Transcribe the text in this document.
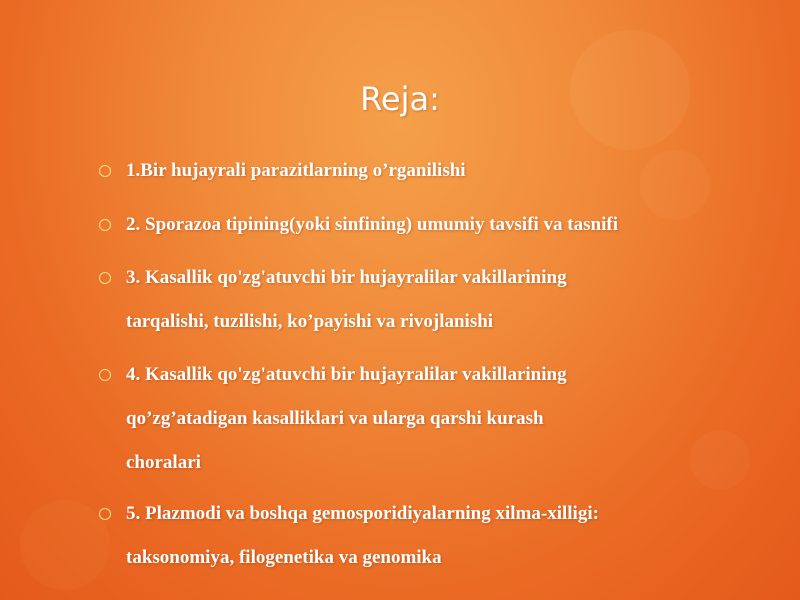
Reja:
1.Bir hujayrali parazitlarning o’rganilishi
2. Sporazoa tipining(yoki sinfining) umumiy tavsifi va tasnifi
3. Kasallik qo'zg'atuvchi bir hujayralilar vakillarining
tarqalishi, tuzilishi, ko’payishi va rivojlanishi
4. Kasallik qo'zg'atuvchi bir hujayralilar vakillarining
qo’zg’atadigan kasalliklari va ularga qarshi kurash
choralari
5. Plazmodi va boshqa gemosporidiyalarning xilma-xilligi:
taksonomiya, filogenetika va genomika
